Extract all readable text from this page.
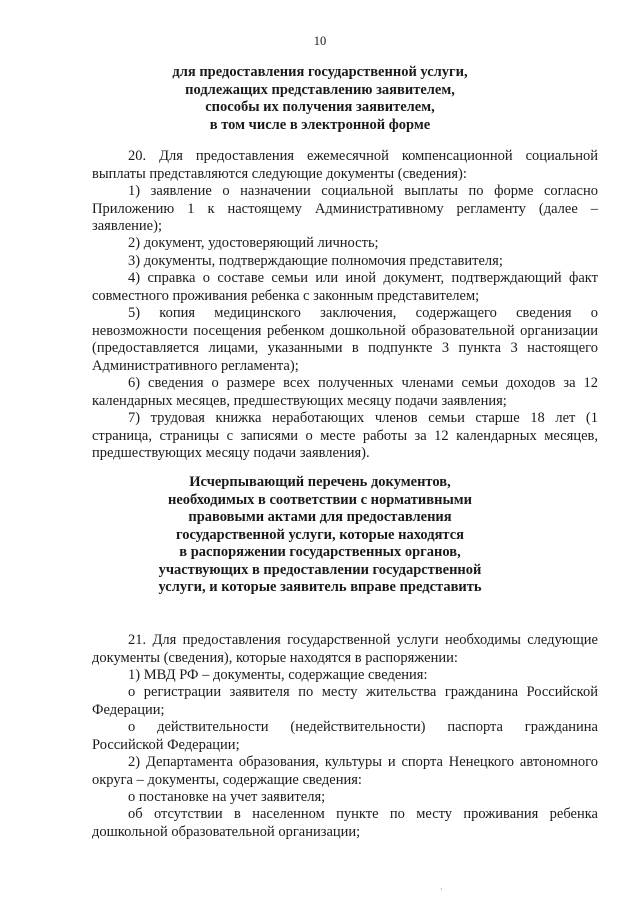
10
для предоставления государственной услуги,
подлежащих представлению заявителем,
способы их получения заявителем,
в том числе в электронной форме

20. Для предоставления ежемесячной компенсационной социальной выплаты представляются следующие документы (сведения):

1) заявление о назначении социальной выплаты по форме согласно Приложению 1 к настоящему Административному регламенту (далее – заявление);

2) документ, удостоверяющий личность;

3) документы, подтверждающие полномочия представителя;

4) справка о составе семьи или иной документ, подтверждающий факт совместного проживания ребенка с законным представителем;

5) копия медицинского заключения, содержащего сведения о невозможности посещения ребенком дошкольной образовательной организации (предоставляется лицами, указанными в подпункте 3 пункта 3 настоящего Административного регламента);

6) сведения о размере всех полученных членами семьи доходов за 12 календарных месяцев, предшествующих месяцу подачи заявления;

7) трудовая книжка неработающих членов семьи старше 18 лет (1 страница, страницы с записями о месте работы за 12 календарных месяцев, предшествующих месяцу подачи заявления).

Исчерпывающий перечень документов,
необходимых в соответствии с нормативными
правовыми актами для предоставления
государственной услуги, которые находятся
в распоряжении государственных органов,
участвующих в предоставлении государственной
услуги, и которые заявитель вправе представить

21. Для предоставления государственной услуги необходимы следующие документы (сведения), которые находятся в распоряжении:

1) МВД РФ – документы, содержащие сведения:

о регистрации заявителя по месту жительства гражданина Российской Федерации;

о действительности (недействительности) паспорта гражданина Российской Федерации;

2) Департамента образования, культуры и спорта Ненецкого автономного округа – документы, содержащие сведения:

о постановке на учет заявителя;

об отсутствии в населенном пункте по месту проживания ребенка дошкольной образовательной организации;

·
